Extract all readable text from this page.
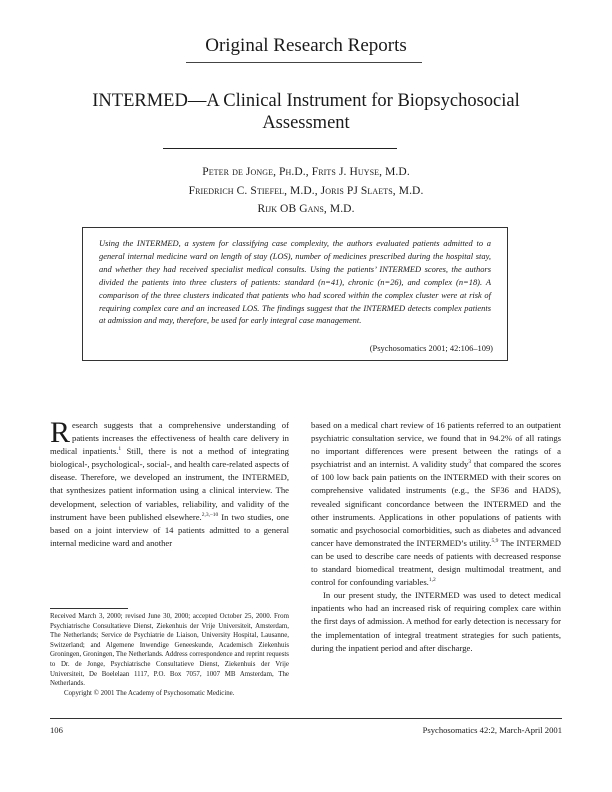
Original Research Reports
INTERMED—A Clinical Instrument for Biopsychosocial Assessment
Peter de Jonge, Ph.D., Frits J. Huyse, M.D.
Friedrich C. Stiefel, M.D., Joris PJ Slaets, M.D.
Rijk OB Gans, M.D.
Using the INTERMED, a system for classifying case complexity, the authors evaluated patients admitted to a general internal medicine ward on length of stay (LOS), number of medicines prescribed during the hospital stay, and whether they had received specialist medical consults. Using the patients’ INTERMED scores, the authors divided the patients into three clusters of patients: standard (n=41), chronic (n=26), and complex (n=18). A comparison of the three clusters indicated that patients who had scored within the complex cluster were at risk of requiring complex care and an increased LOS. The findings suggest that the INTERMED detects complex patients at admission and may, therefore, be used for early integral case management.
(Psychosomatics 2001; 42:106–109)

Research suggests that a comprehensive understanding of patients increases the effectiveness of health care delivery in medical inpatients.$^1$ Still, there is not a method of integrating biological-, psychological-, social-, and health care-related aspects of disease. Therefore, we developed an instrument, the INTERMED, that synthesizes patient information using a clinical interview. The development, selection of variables, reliability, and validity of the instrument have been published elsewhere.$^{2,3,-10}$ In two studies, one based on a joint interview of 14 patients admitted to a general internal medicine ward and another

based on a medical chart review of 16 patients referred to an outpatient psychiatric consultation service, we found that in 94.2% of all ratings no important differences were present between the ratings of a psychiatrist and an internist. A validity study$^3$ that compared the scores of 100 low back pain patients on the INTERMED with their scores on comprehensive validated instruments (e.g., the SF36 and HADS), revealed significant concordance between the INTERMED and the other instruments. Applications in other populations of patients with somatic and psychosocial comorbidities, such as diabetes and advanced cancer have demonstrated the INTERMED’s utility.$^{5,9}$ The INTERMED can be used to describe care needs of patients with decreased response to standard biomedical treatment, design multimodal treatment, and control for confounding variables.$^{1,2}$

In our present study, the INTERMED was used to detect medical inpatients who had an increased risk of requiring complex care within the first days of admission. A method for early detection is necessary for the implementation of integral treatment strategies for such patients, during the inpatient period and after discharge.

Received March 3, 2000; revised June 30, 2000; accepted October 25, 2000. From Psychiatrische Consultatieve Dienst, Ziekenhuis der Vrije Universiteit, Amsterdam, The Netherlands; Service de Psychiatrie de Liaison, University Hospital, Lausanne, Switzerland; and Algemene Inwendige Geneeskunde, Academisch Ziekenhuis Groningen, Groningen, The Netherlands. Address correspondence and reprint requests to Dr. de Jonge, Psychiatrische Consultatieve Dienst, Ziekenhuis der Vrije Universiteit, De Boelelaan 1117, P.O. Box 7057, 1007 MB Amsterdam, The Netherlands.

Copyright © 2001 The Academy of Psychosomatic Medicine.

106	Psychosomatics 42:2, March-April 2001
